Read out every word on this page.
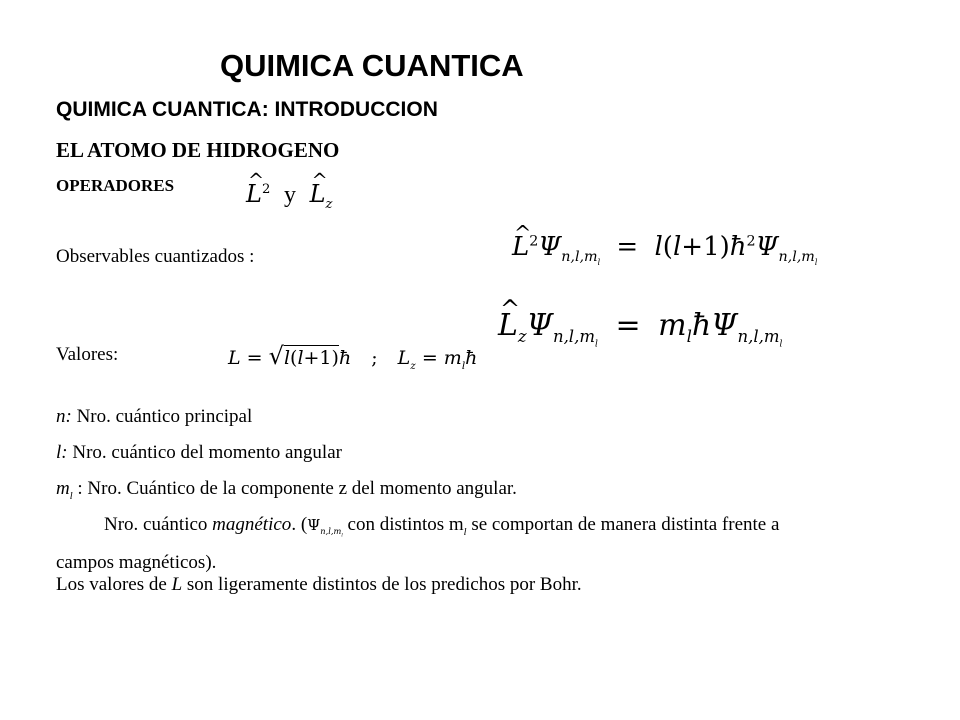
QUIMICA CUANTICA
QUIMICA CUANTICA: INTRODUCCION
EL ATOMO DE HIDROGENO
OPERADORES	^ $L^2$ y ^ $L_z$
Observables cuantizados :	^ $L^2\Psi_{n,l,m_l}$ = $l(l+1)ħ^2\Psi_{n,l,m_l}$
^ $L_z\Psi_{n,l,m_l}$ = $m_lħ\Psi_{n,l,m_l}$
Valores:	L = √l(l+1)ħ ; $L_z$ = $m_lħ$
n: Nro. cuántico principal
l: Nro. cuántico del momento angular
$m_l$ : Nro. Cuántico de la componente z del momento angular.
Nro. cuántico magnético. ($\Psi_{n,l,m_l}$ con distintos $m_l$ se comportan de manera distinta frente a campos magnéticos).
Los valores de L son ligeramente distintos de los predichos por Bohr.
